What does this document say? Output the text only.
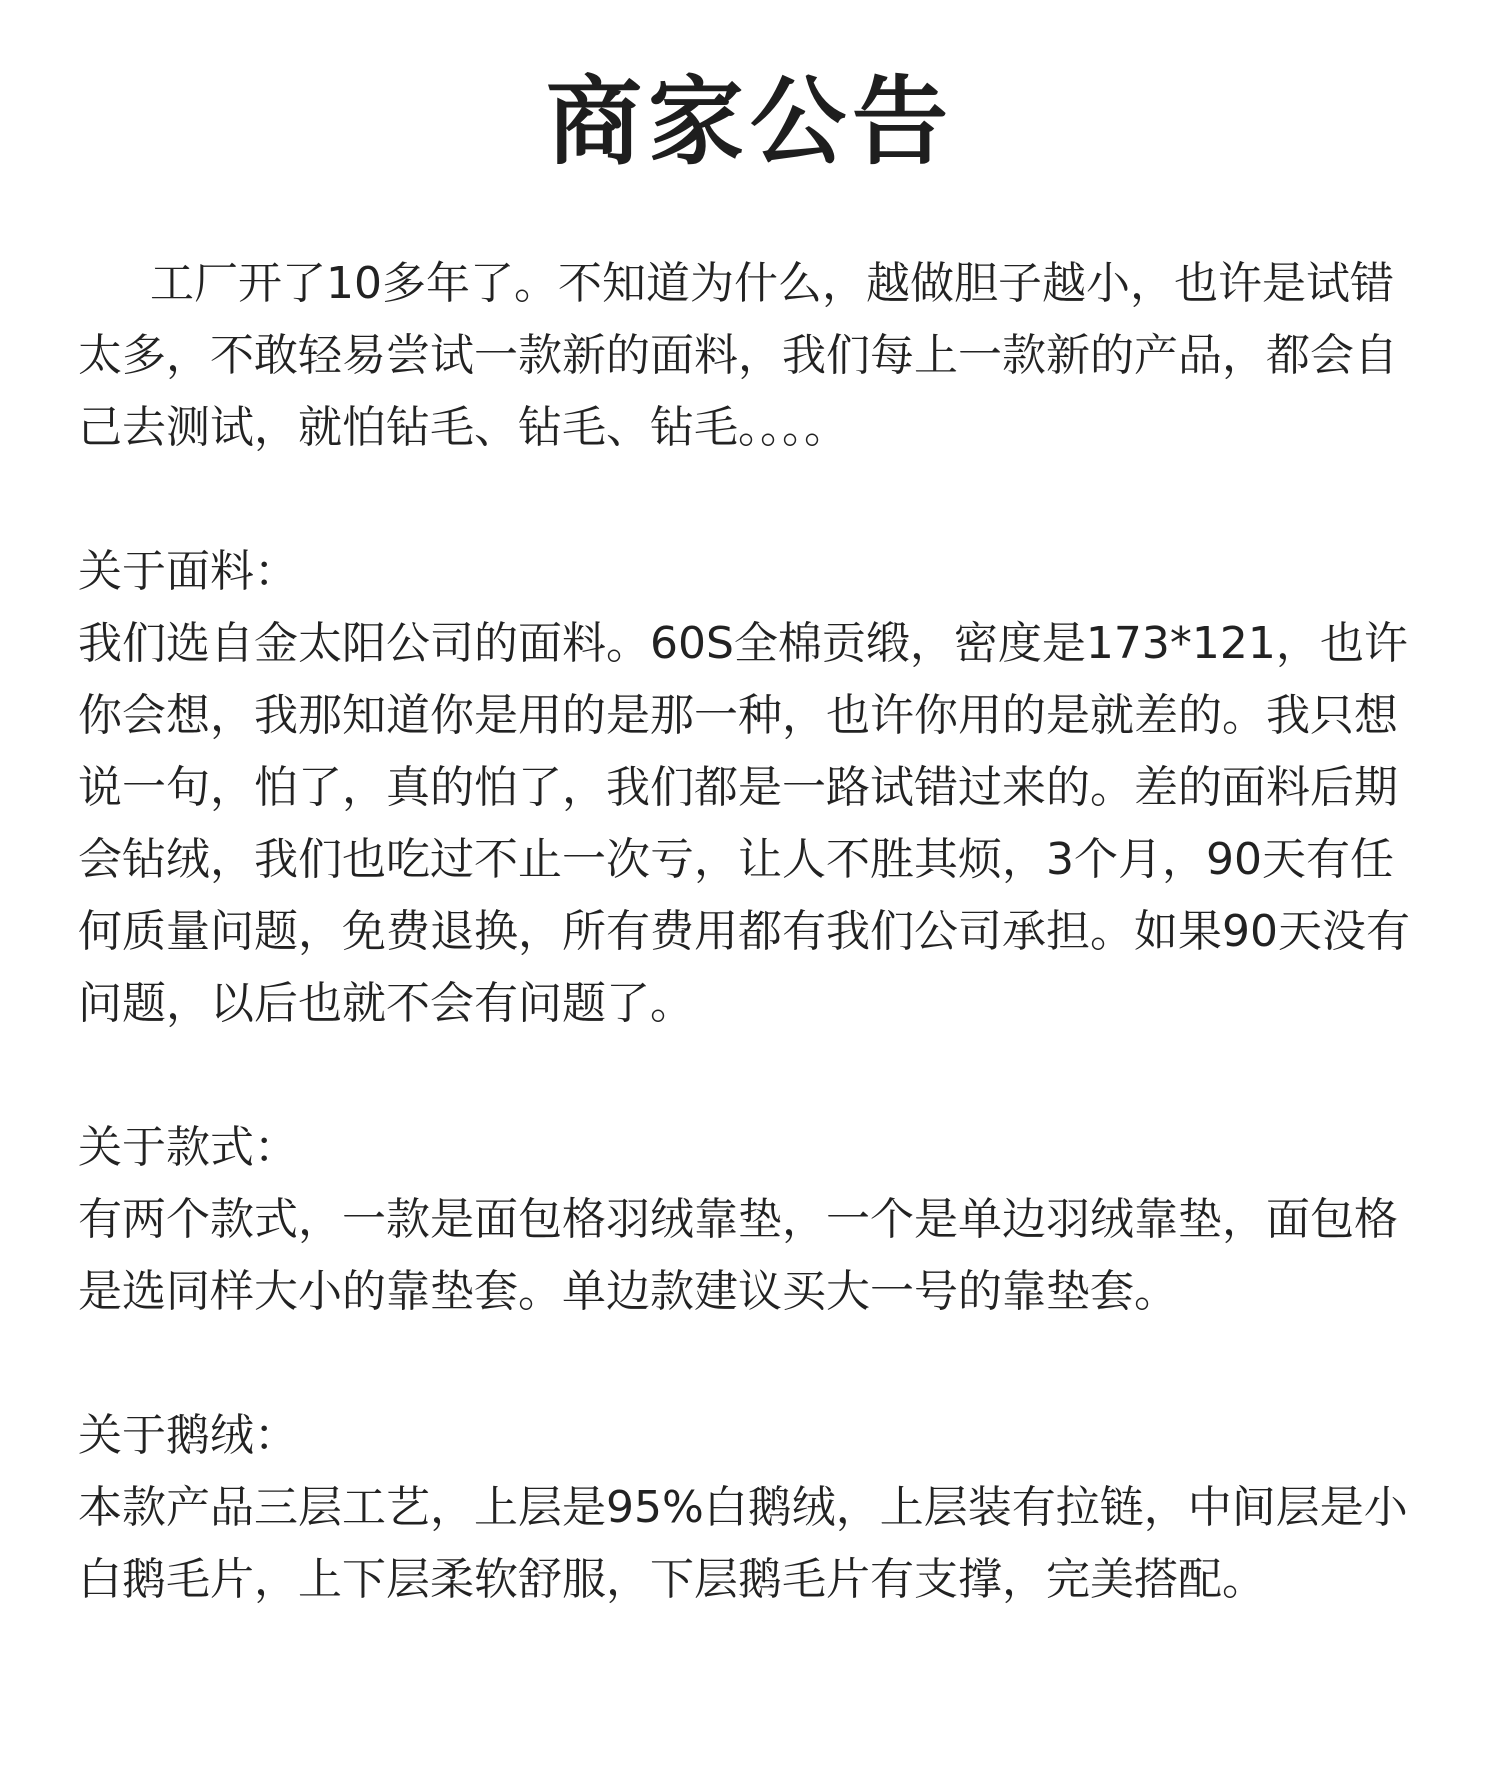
商家公告

工厂开了10多年了。不知道为什么，越做胆子越小，也许是试错太多，不敢轻易尝试一款新的面料，我们每上一款新的产品，都会自己去测试，就怕钻毛、钻毛、钻毛。。。。

关于面料：

我们选自金太阳公司的面料。60S全棉贡缎，密度是173*121，也许你会想，我那知道你是用的是那一种，也许你用的是就差的。我只想说一句，怕了，真的怕了，我们都是一路试错过来的。差的面料后期会钻绒，我们也吃过不止一次亏，让人不胜其烦，3个月，90天有任何质量问题，免费退换，所有费用都有我们公司承担。如果90天没有问题，以后也就不会有问题了。

关于款式：

有两个款式，一款是面包格羽绒靠垫，一个是单边羽绒靠垫，面包格是选同样大小的靠垫套。单边款建议买大一号的靠垫套。

关于鹅绒：

本款产品三层工艺，上层是95%白鹅绒，上层装有拉链，中间层是小白鹅毛片，上下层柔软舒服，下层鹅毛片有支撑，完美搭配。
